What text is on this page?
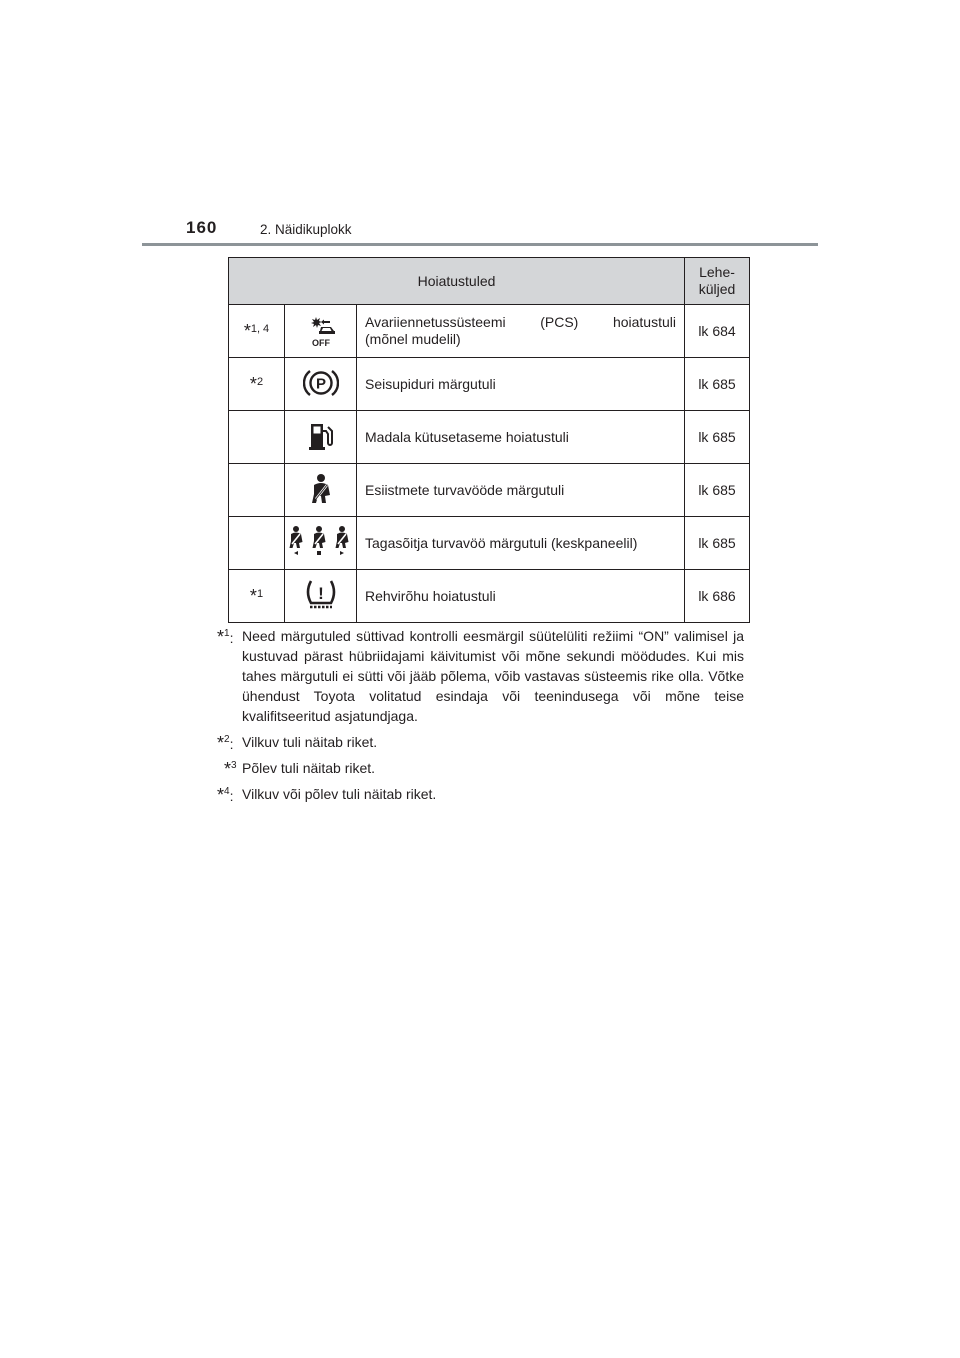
160	2. Näidikuplokk
Hoiatustuled			Lehe-
küljed
*$^{1, 4}$	OFF	Avariiennetussüsteemi (PCS) hoiatustuli
(mõnel mudelil)	lk 684
*$^2$	P	Seisupiduri märgutuli	lk 685
		Madala kütusetaseme hoiatustuli	lk 685
		Esiistmete turvavööde märgutuli	lk 685
		Tagasõitja turvavöö märgutuli (keskpaneelil)	lk 685
*$^1$	!	Rehvirõhu hoiatustuli	lk 686
*$^1$: Need märgutuled süttivad kontrolli eesmärgil süütelüliti režiimi “ON” valimisel ja kustuvad pärast hübriidajami käivitumist või mõne sekundi möödudes. Kui mis tahes märgutuli ei sütti või jääb põlema, võib vastavas süsteemis rike olla. Võtke ühendust Toyota volitatud esindaja või teenindusega või mõne teise kvalifitseeritud asjatundjaga.
*$^2$: Vilkuv tuli näitab riket.
*$^3$ Põlev tuli näitab riket.
*$^4$: Vilkuv või põlev tuli näitab riket.
